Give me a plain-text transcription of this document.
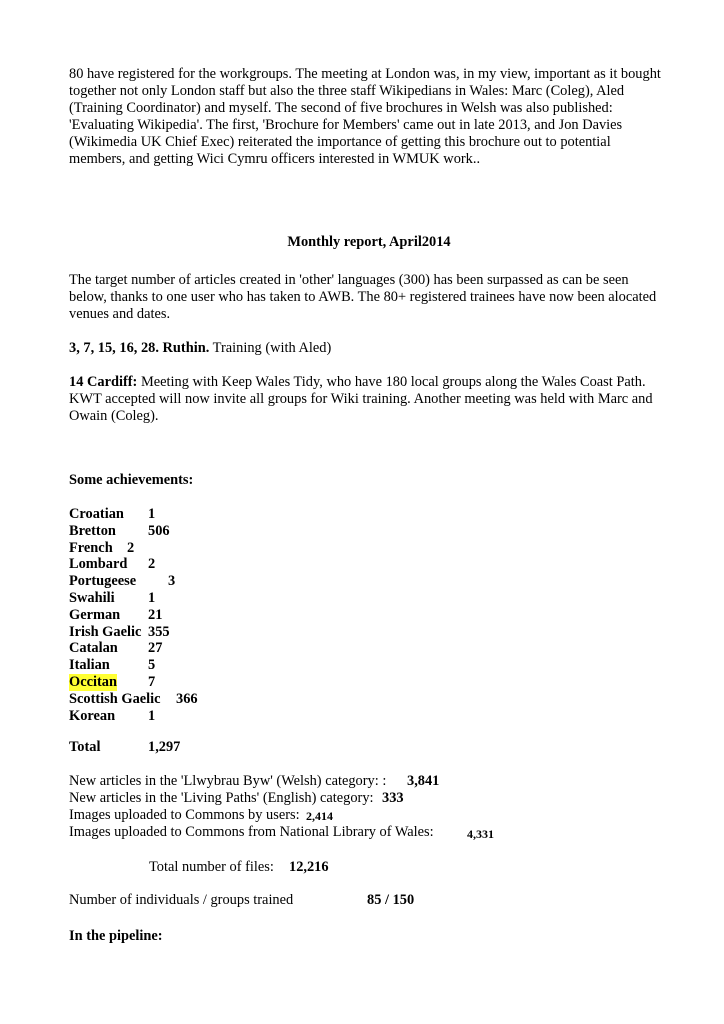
80 have registered for the workgroups. The meeting at London was, in my view, important as it bought together not only London staff but also the three staff Wikipedians in Wales: Marc (Coleg), Aled (Training Coordinator) and myself. The second of five brochures in Welsh was also published: 'Evaluating Wikipedia'. The first, 'Brochure for Members' came out in late 2013, and Jon Davies (Wikimedia UK Chief Exec) reiterated the importance of getting this brochure out to potential members, and getting Wici Cymru officers interested in WMUK work..

Monthly report, April2014

The target number of articles created in 'other' languages (300) has been surpassed as can be seen below, thanks to one user who has taken to AWB. The 80+ registered trainees have now been alocated venues and dates.

3, 7, 15, 16, 28. Ruthin. Training (with Aled)

14 Cardiff: Meeting with Keep Wales Tidy, who have 180 local groups along the Wales Coast Path. KWT accepted will now invite all groups for Wiki training. Another meeting was held with Marc and Owain (Coleg).

Some achievements:

Croatian 1
Bretton 506
French 2
Lombard 2
Portugeese 3
Swahili 1
German 21
Irish Gaelic 355
Catalan 27
Italian	5
Occitan 7
Scottish Gaelic 366
Korean 1
Total	1,297
New articles in the 'Llwybrau Byw' (Welsh) category: : 3,841
New articles in the 'Living Paths' (English) category: 333
Images uploaded to Commons by users: 2,414
Images uploaded to Commons from National Library of Wales:	4,331
Total number of files: 12,216
Number of individuals / groups trained	85 / 150

In the pipeline:
